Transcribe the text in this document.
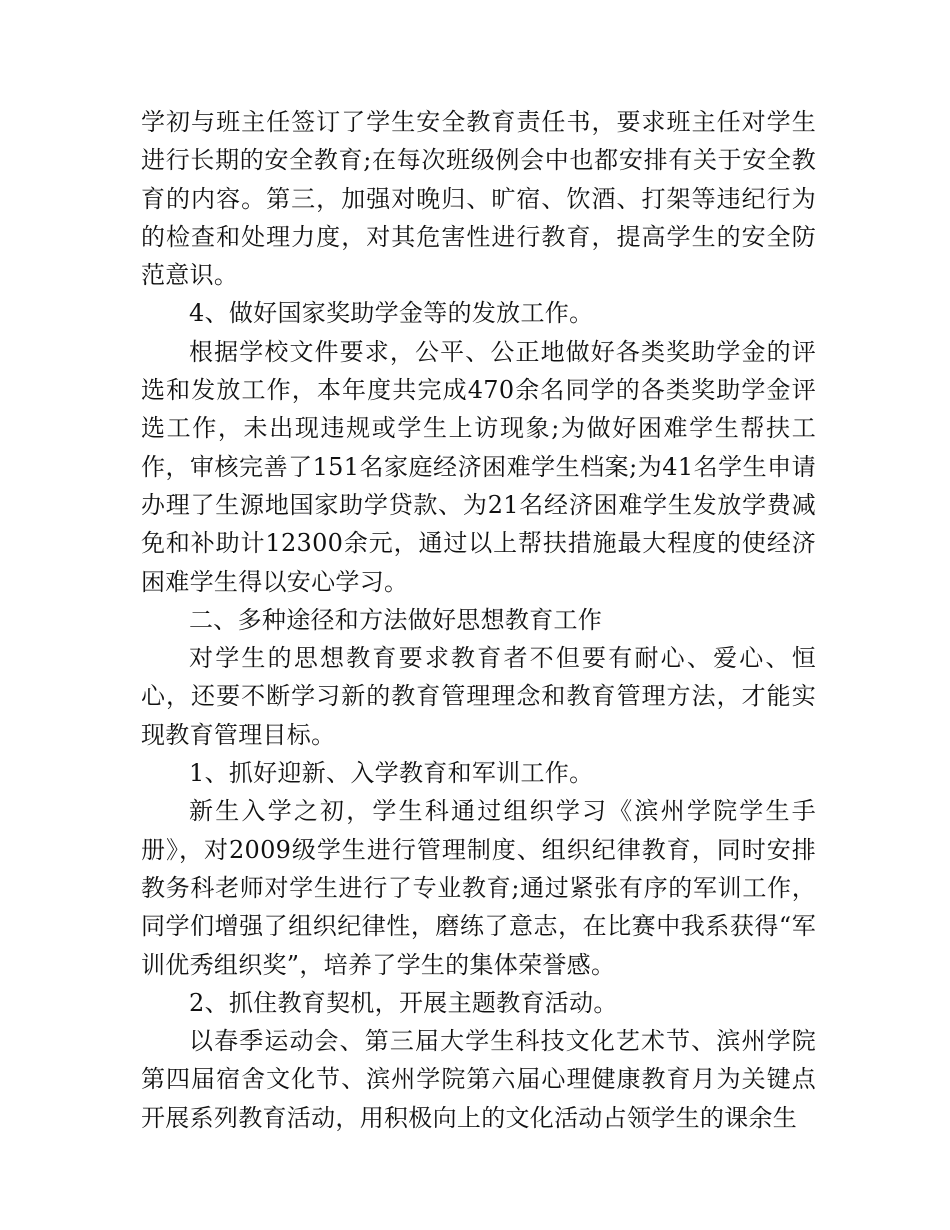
学初与班主任签订了学生安全教育责任书，要求班主任对学生进行长期的安全教育;在每次班级例会中也都安排有关于安全教育的内容。第三，加强对晚归、旷宿、饮酒、打架等违纪行为的检查和处理力度，对其危害性进行教育，提高学生的安全防范意识。

4、做好国家奖助学金等的发放工作。

根据学校文件要求，公平、公正地做好各类奖助学金的评选和发放工作，本年度共完成470余名同学的各类奖助学金评选工作，未出现违规或学生上访现象;为做好困难学生帮扶工作，审核完善了151名家庭经济困难学生档案;为41名学生申请办理了生源地国家助学贷款、为21名经济困难学生发放学费减免和补助计12300余元，通过以上帮扶措施最大程度的使经济困难学生得以安心学习。

二、多种途径和方法做好思想教育工作

对学生的思想教育要求教育者不但要有耐心、爱心、恒心，还要不断学习新的教育管理理念和教育管理方法，才能实现教育管理目标。

1、抓好迎新、入学教育和军训工作。

新生入学之初，学生科通过组织学习《滨州学院学生手册》，对2009级学生进行管理制度、组织纪律教育，同时安排教务科老师对学生进行了专业教育;通过紧张有序的军训工作，同学们增强了组织纪律性，磨练了意志，在比赛中我系获得“军训优秀组织奖”，培养了学生的集体荣誉感。

2、抓住教育契机，开展主题教育活动。

以春季运动会、第三届大学生科技文化艺术节、滨州学院第四届宿舍文化节、滨州学院第六届心理健康教育月为关键点开展系列教育活动，用积极向上的文化活动占领学生的课余生
